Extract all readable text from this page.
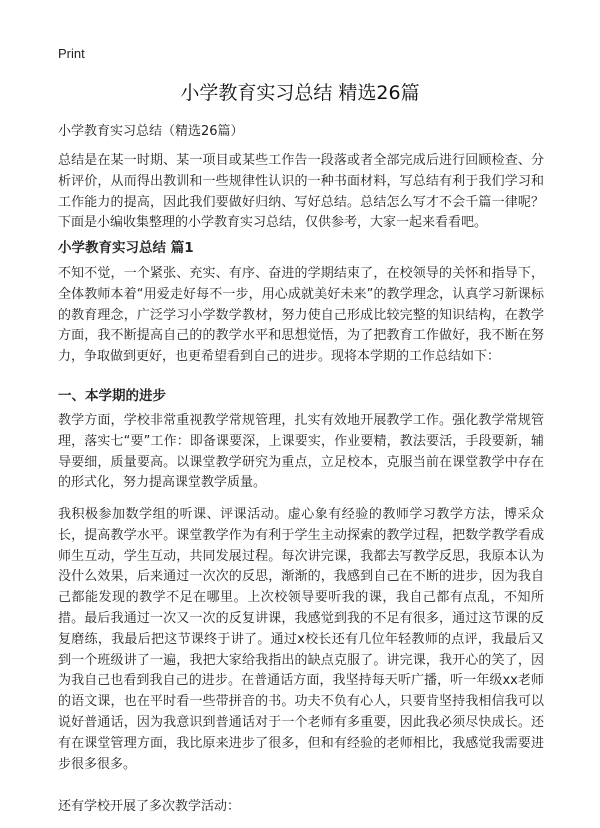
Print
小学教育实习总结 精选26篇
小学教育实习总结（精选26篇）

总结是在某一时期、某一项目或某些工作告一段落或者全部完成后进行回顾检查、分析评价，从而得出教训和一些规律性认识的一种书面材料，写总结有利于我们学习和工作能力的提高，因此我们要做好归纳、写好总结。总结怎么写才不会千篇一律呢？下面是小编收集整理的小学教育实习总结，仅供参考，大家一起来看看吧。

小学教育实习总结 篇1

不知不觉，一个紧张、充实、有序、奋进的学期结束了，在校领导的关怀和指导下，全体教师本着“用爱走好每不一步，用心成就美好未来”的教学理念，认真学习新课标的教育理念，广泛学习小学数学教材，努力使自己形成比较完整的知识结构，在教学方面，我不断提高自己的的教学水平和思想觉悟，为了把教育工作做好，我不断在努力，争取做到更好，也更希望看到自己的进步。现将本学期的工作总结如下：

一、本学期的进步

教学方面，学校非常重视教学常规管理，扎实有效地开展教学工作。强化教学常规管理，落实七“要”工作：即备课要深，上课要实，作业要精，教法要活，手段要新，辅导要细，质量要高。以课堂教学研究为重点，立足校本，克服当前在课堂教学中存在的形式化，努力提高课堂教学质量。

我积极参加数学组的听课、评课活动。虚心象有经验的教师学习教学方法，博采众长，提高教学水平。课堂教学作为有利于学生主动探索的教学过程，把数学教学看成师生互动，学生互动，共同发展过程。每次讲完课，我都去写教学反思，我原本认为没什么效果，后来通过一次次的反思，渐渐的，我感到自己在不断的进步，因为我自己都能发现的教学不足在哪里。上次校领导要听我的课，我自己都有点乱，不知所措。最后我通过一次又一次的反复讲课，我感觉到我的不足有很多，通过这节课的反复磨练，我最后把这节课终于讲了。通过x校长还有几位年轻教师的点评，我最后又到一个班级讲了一遍，我把大家给我指出的缺点克服了。讲完课，我开心的笑了，因为我自己也看到我自己的进步。在普通话方面，我坚持每天听广播，听一年级xx老师的语文课，也在平时看一些带拼音的书。功夫不负有心人，只要肯坚持我相信我可以说好普通话，因为我意识到普通话对于一个老师有多重要，因此我必须尽快成长。还有在课堂管理方面，我比原来进步了很多，但和有经验的老师相比，我感觉我需要进步很多很多。

还有学校开展了多次教学活动：
